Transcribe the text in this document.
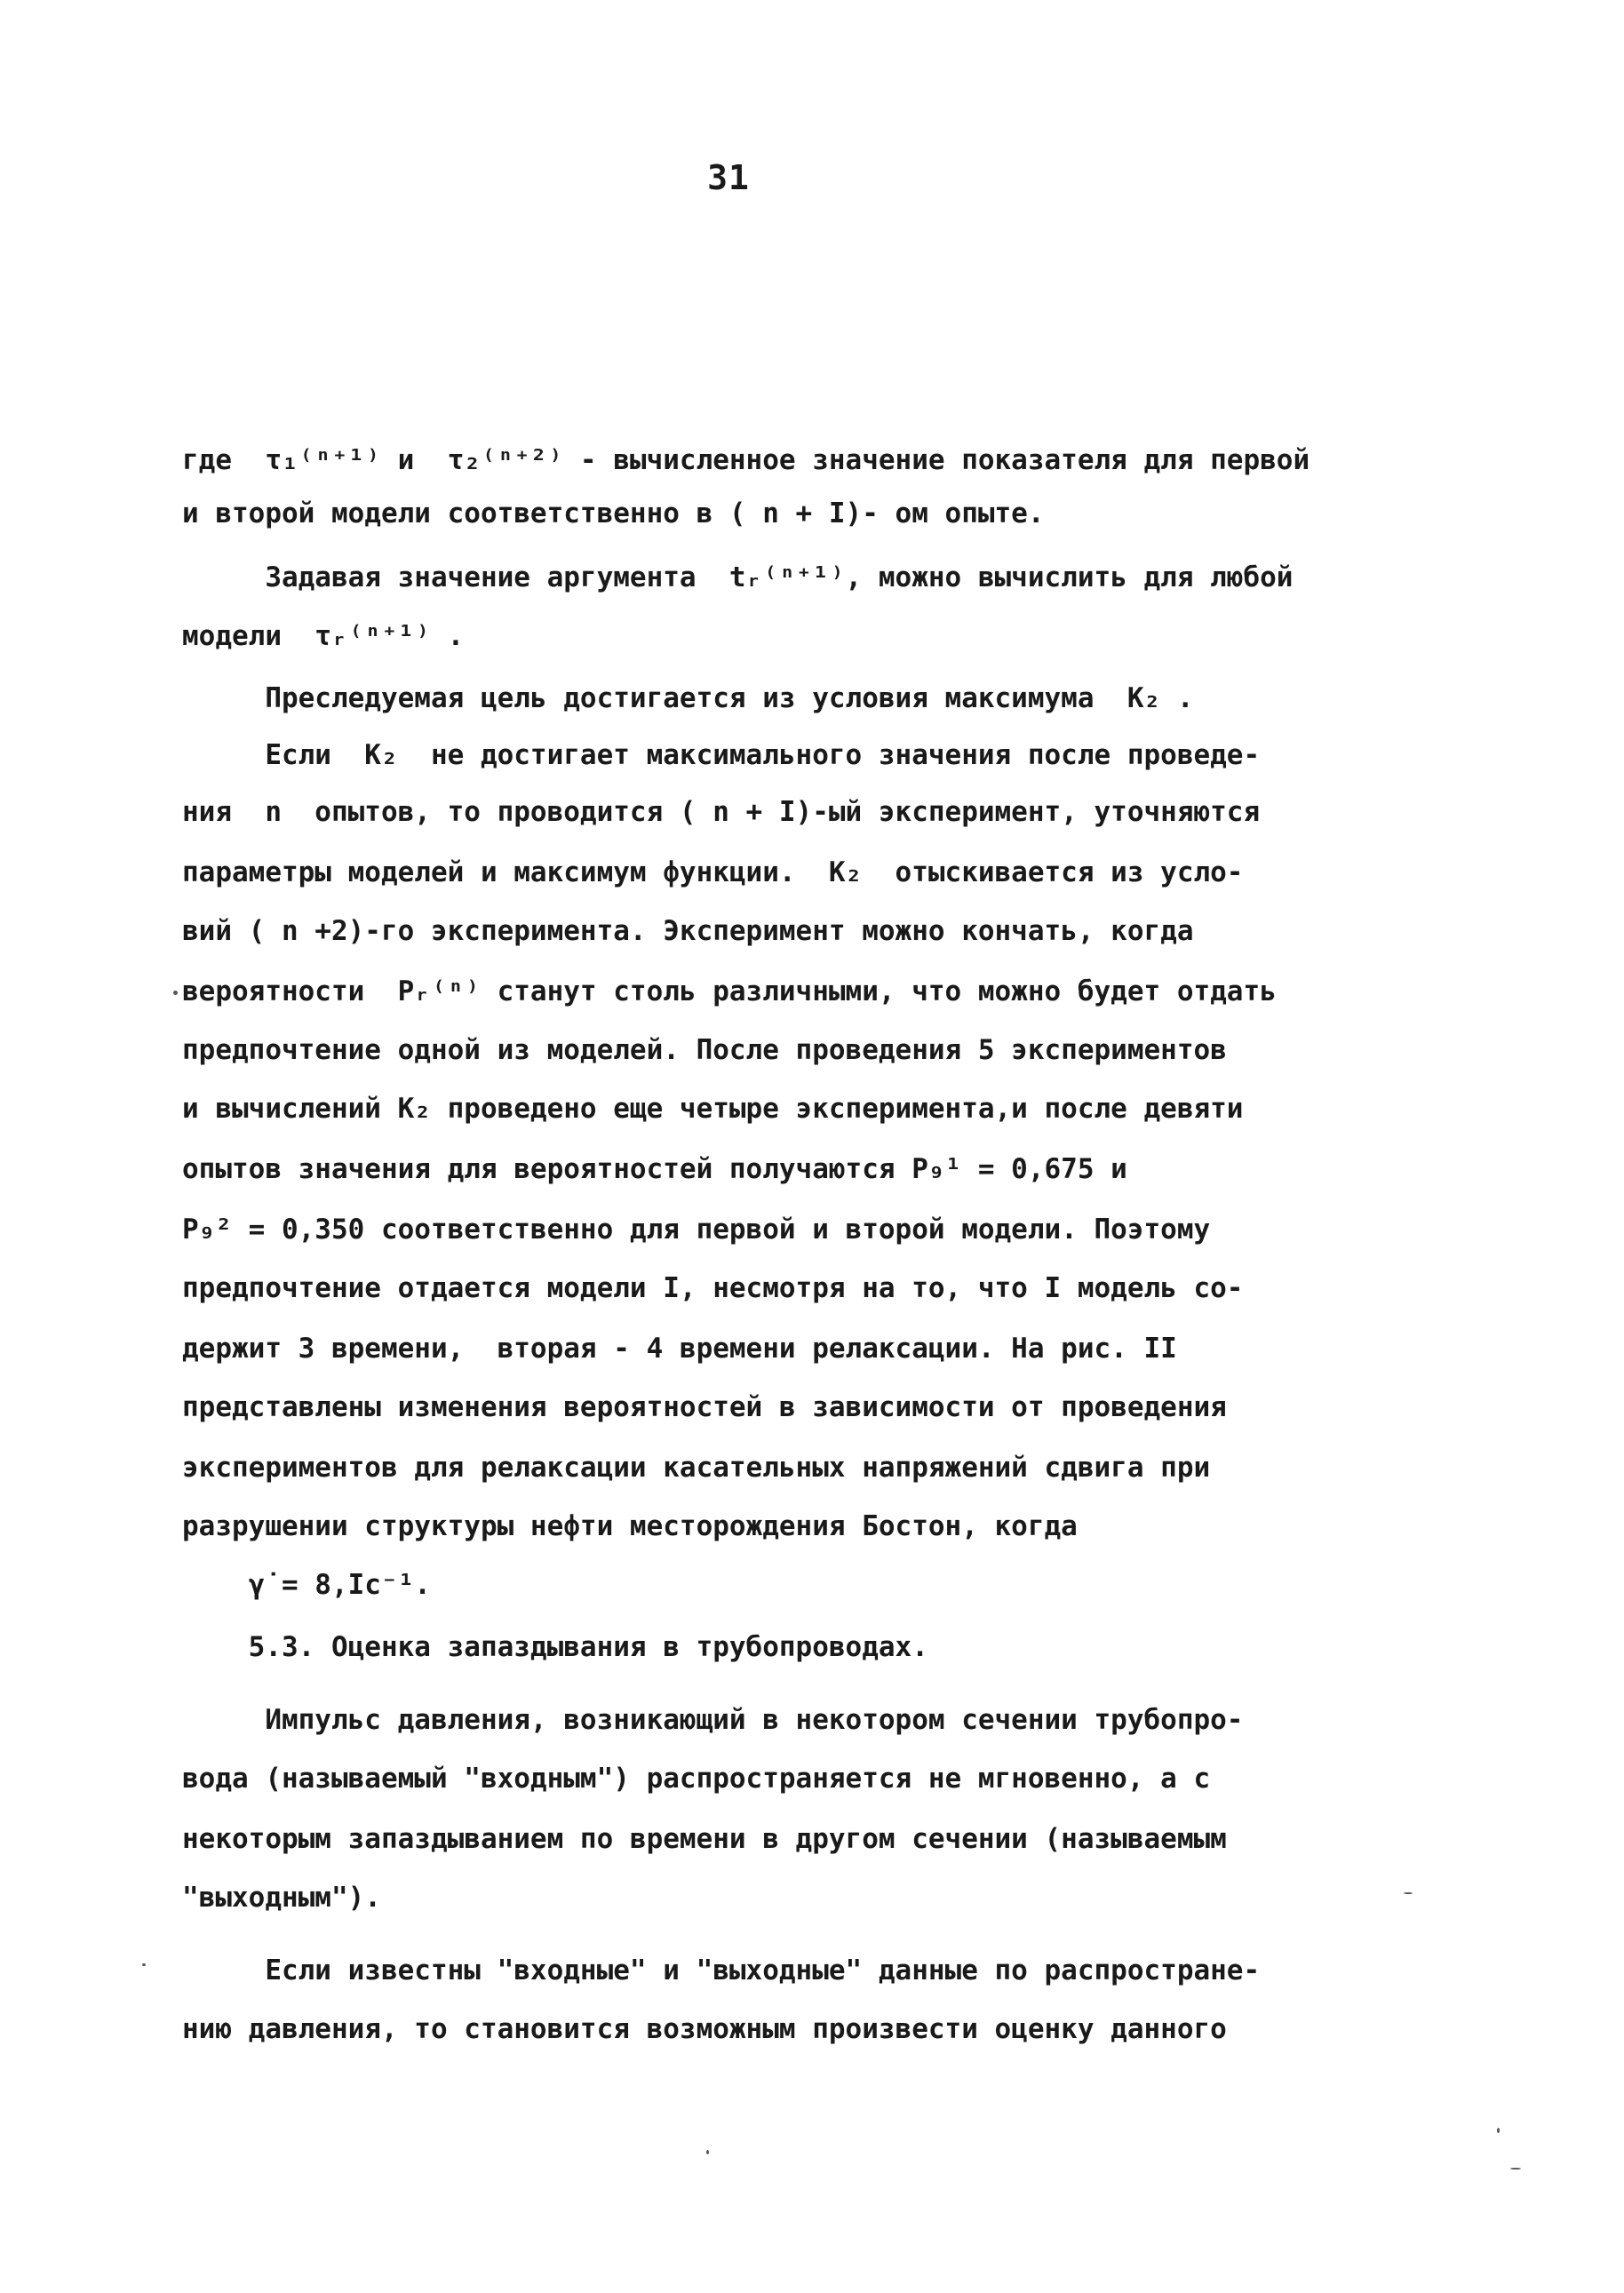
31
где  τ₁⁽ⁿ⁺¹⁾ и  τ₂⁽ⁿ⁺²⁾ - вычисленное значение показателя для первой
и второй модели соответственно в ( n + I)- ом опыте.
Задавая значение аргумента  tᵣ⁽ⁿ⁺¹⁾, можно вычислить для любой
модели  τᵣ⁽ⁿ⁺¹⁾ .
Преследуемая цель достигается из условия максимума  K₂ .
Если  K₂  не достигает максимального значения после проведе-
ния  n  опытов, то проводится ( n + I)-ый эксперимент, уточняются
параметры моделей и максимум функции.  K₂  отыскивается из усло-
вий ( n +2)-го эксперимента. Эксперимент можно кончать, когда
вероятности  Pᵣ⁽ⁿ⁾ станут столь различными, что можно будет отдать
предпочтение одной из моделей. После проведения 5 экспериментов
и вычислений K₂ проведено еще четыре эксперимента,и после девяти
опытов значения для вероятностей получаются P₉¹ = 0,675 и
P₉² = 0,350 соответственно для первой и второй модели. Поэтому
предпочтение отдается модели I, несмотря на то, что I модель со-
держит 3 времени,  вторая - 4 времени релаксации. На рис. II
представлены изменения вероятностей в зависимости от проведения
экспериментов для релаксации касательных напряжений сдвига при
разрушении структуры нефти месторождения Бостон, когда
γ̇ = 8,Iс⁻¹.
5.3. Оценка запаздывания в трубопроводах.
Импульс давления, возникающий в некотором сечении трубопро-
вода (называемый "входным") распространяется не мгновенно, а с
некоторым запаздыванием по времени в другом сечении (называемым
"выходным").
Если известны "входные" и "выходные" данные по распростране-
нию давления, то становится возможным произвести оценку данного
